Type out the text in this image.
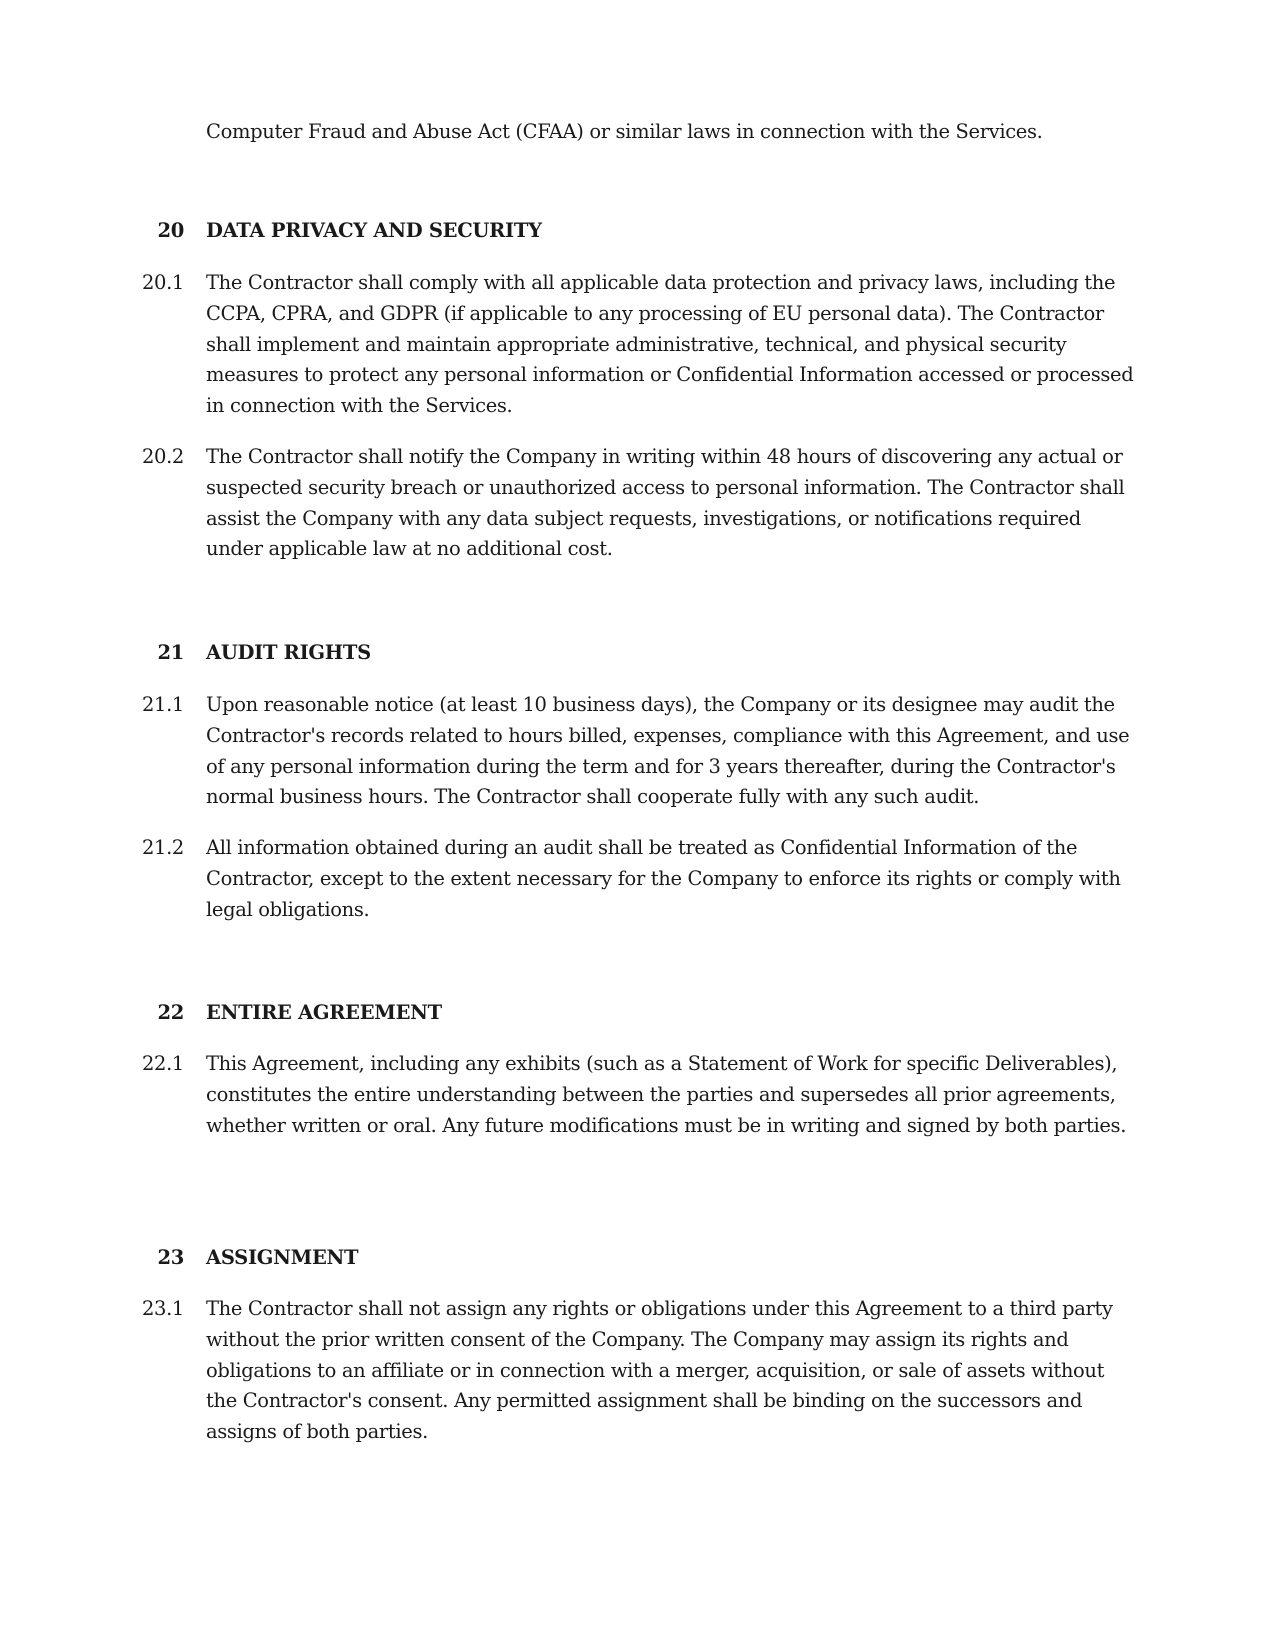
Computer Fraud and Abuse Act (CFAA) or similar laws in connection with the Services.

20 DATA PRIVACY AND SECURITY
20.1 The Contractor shall comply with all applicable data protection and privacy laws, including the CCPA, CPRA, and GDPR (if applicable to any processing of EU personal data). The Contractor shall implement and maintain appropriate administrative, technical, and physical security measures to protect any personal information or Confidential Information accessed or processed in connection with the Services.

20.2 The Contractor shall notify the Company in writing within 48 hours of discovering any actual or suspected security breach or unauthorized access to personal information. The Contractor shall assist the Company with any data subject requests, investigations, or notifications required under applicable law at no additional cost.

21 AUDIT RIGHTS
21.1 Upon reasonable notice (at least 10 business days), the Company or its designee may audit the Contractor's records related to hours billed, expenses, compliance with this Agreement, and use of any personal information during the term and for 3 years thereafter, during the Contractor's normal business hours. The Contractor shall cooperate fully with any such audit.

21.2 All information obtained during an audit shall be treated as Confidential Information of the Contractor, except to the extent necessary for the Company to enforce its rights or comply with legal obligations.

22 ENTIRE AGREEMENT
22.1 This Agreement, including any exhibits (such as a Statement of Work for specific Deliverables), constitutes the entire understanding between the parties and supersedes all prior agreements, whether written or oral. Any future modifications must be in writing and signed by both parties.

23 ASSIGNMENT
23.1 The Contractor shall not assign any rights or obligations under this Agreement to a third party without the prior written consent of the Company. The Company may assign its rights and obligations to an affiliate or in connection with a merger, acquisition, or sale of assets without the Contractor's consent. Any permitted assignment shall be binding on the successors and assigns of both parties.
